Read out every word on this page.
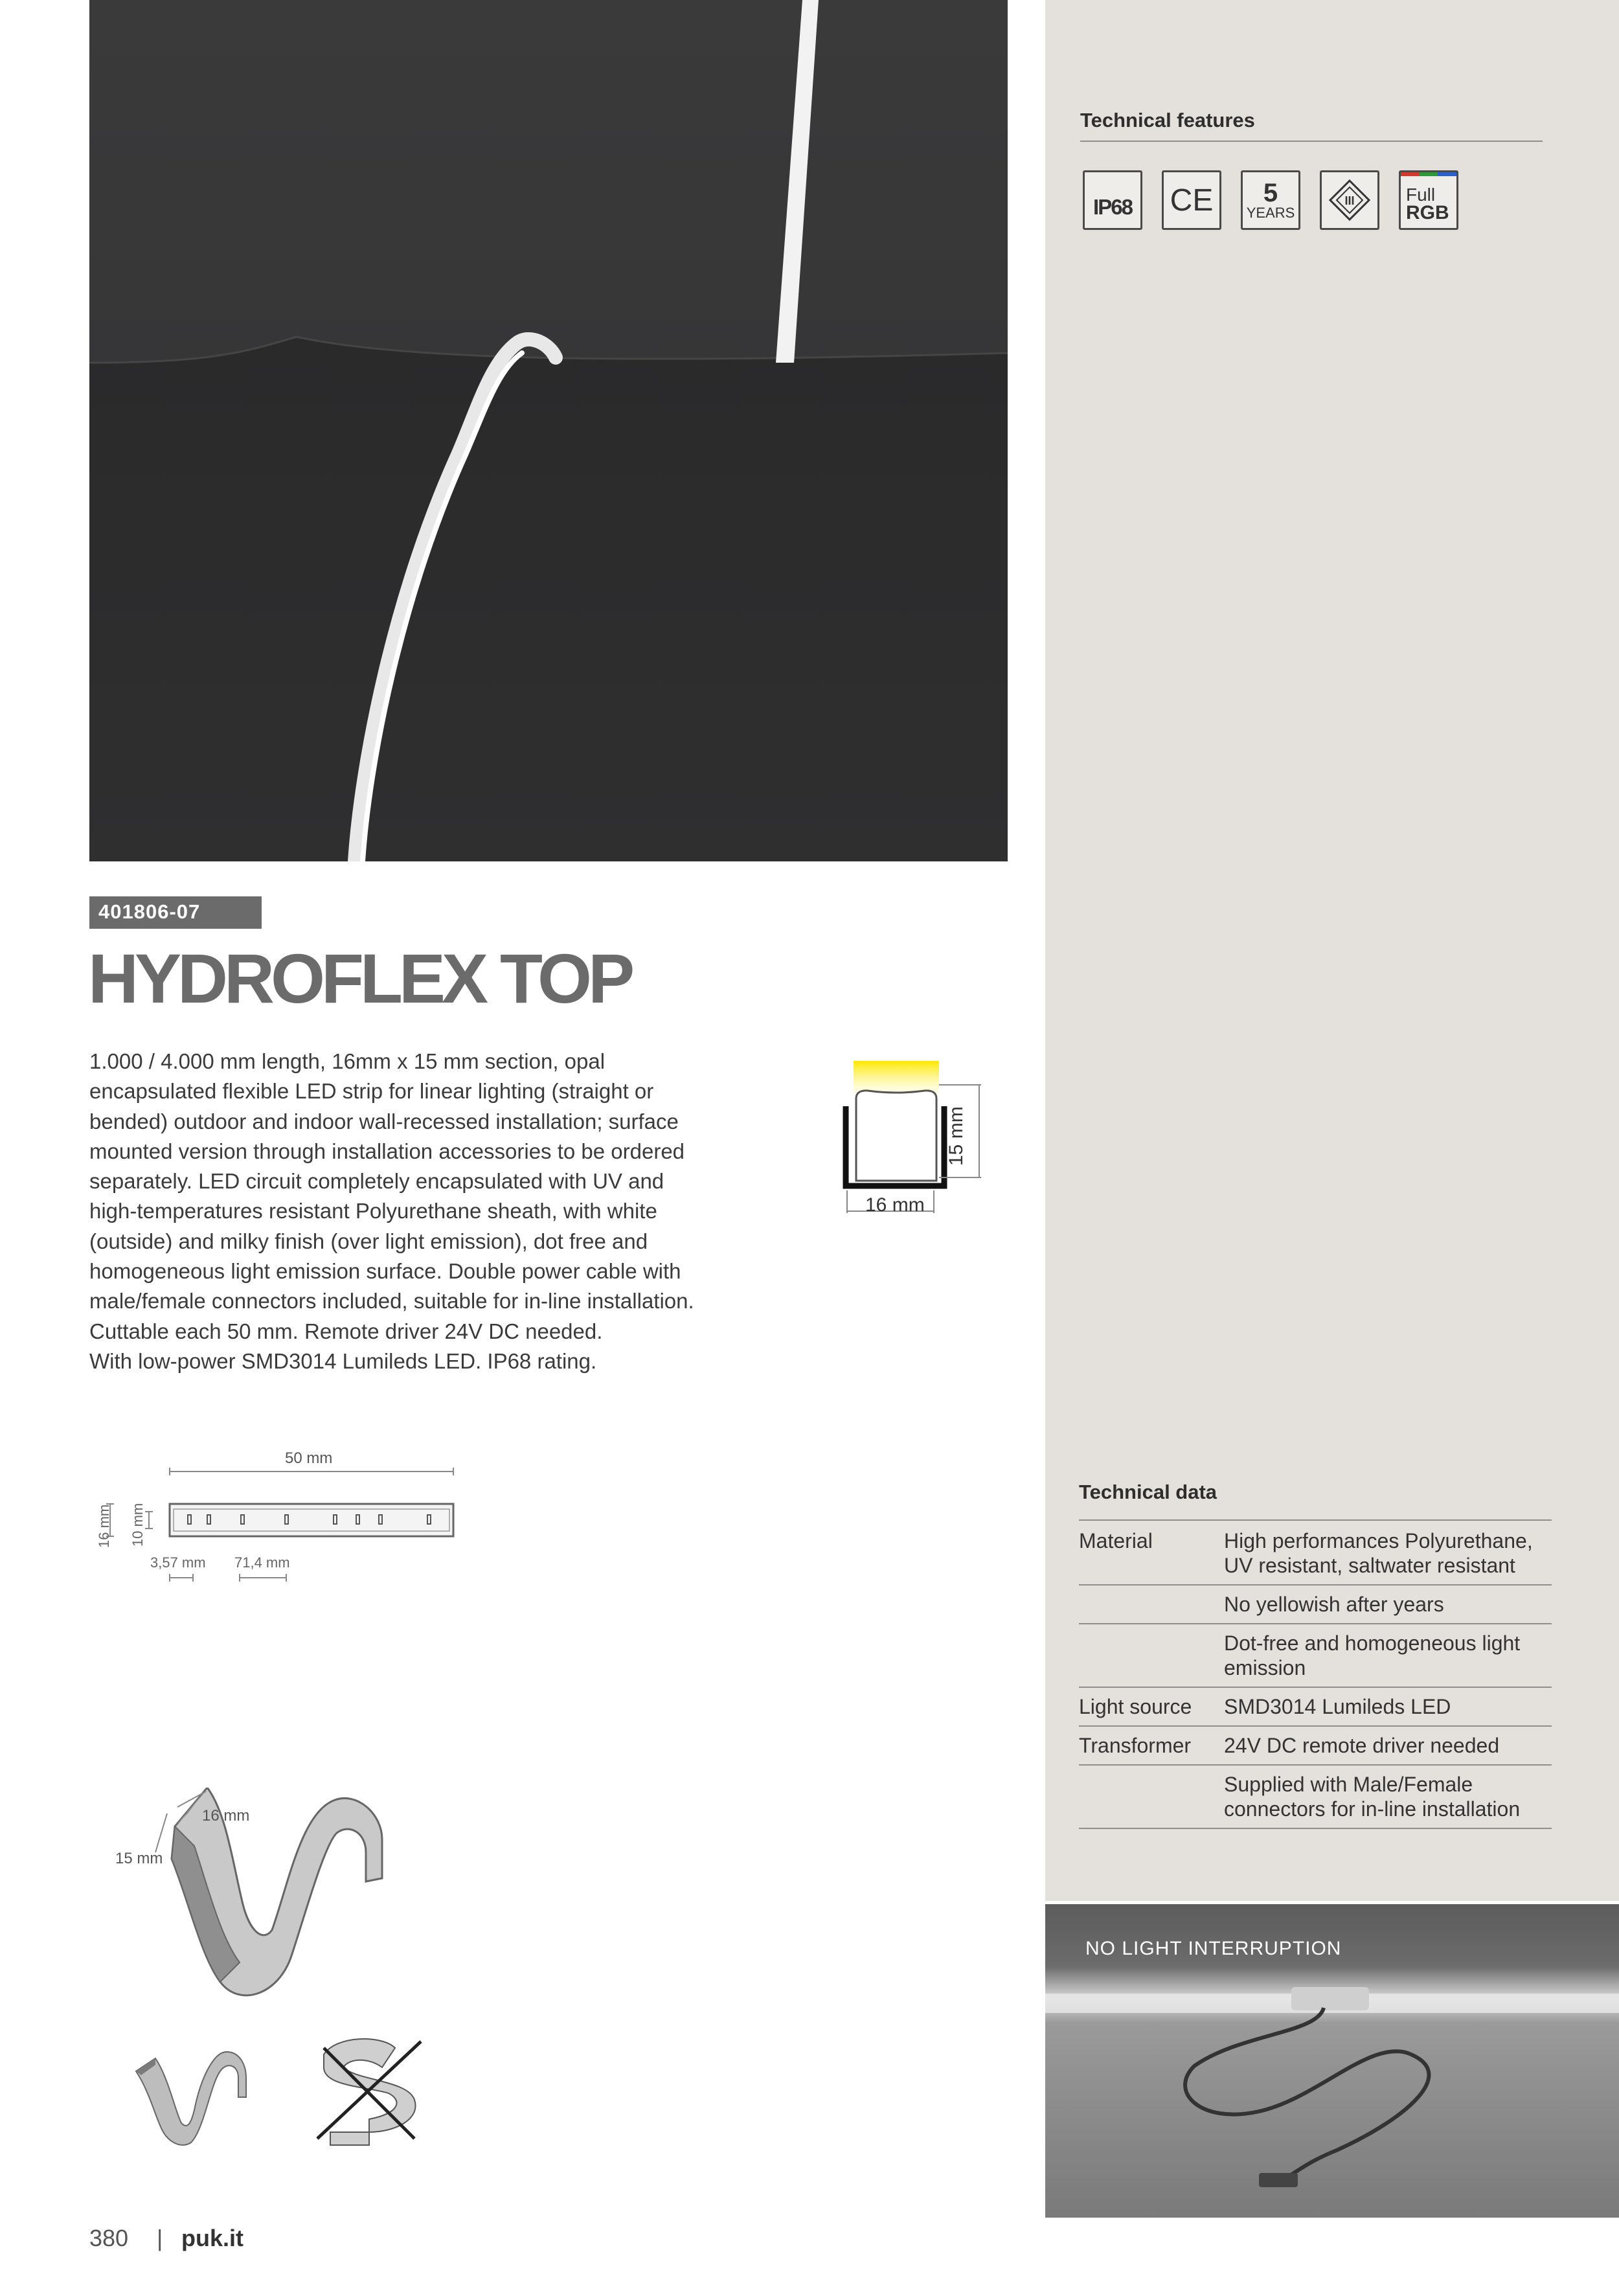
Technical features
IP68 CE 5
YEARS
III	Full
RGB
401806-07
HYDROFLEX TOP

1.000 / 4.000 mm length, 16mm x 15 mm section, opal

encapsulated flexible LED strip for linear lighting (straight or

bended) outdoor and indoor wall-recessed installation; surface

mounted version through installation accessories to be ordered

separately. LED circuit completely encapsulated with UV and

high-temperatures resistant Polyurethane sheath, with white

(outside) and milky finish (over light emission), dot free and

homogeneous light emission surface. Double power cable with

male/female connectors included, suitable for in-line installation.

Cuttable each 50 mm. Remote driver 24V DC needed.

With low-power SMD3014 Lumileds LED. IP68 rating.

15 mm
16 mm
50 mm
16 mm 10 mm
3,57 mm 71,4 mm
16 mm
15 mm
Technical data
Material	High performances Polyurethane, UV resistant, saltwater resistant
No yellowish after years
Dot-free and homogeneous light emission
Light source	SMD3014 Lumileds LED
Transformer	24V DC remote driver needed
Supplied with Male/Female connectors for in-line installation
NO LIGHT INTERRUPTION
380 | puk.it
